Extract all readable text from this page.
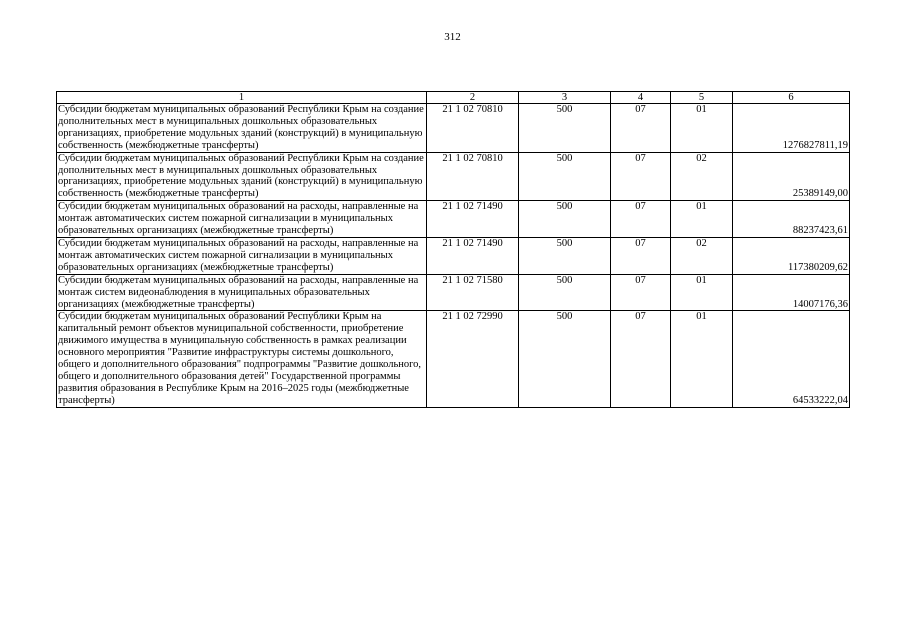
312
1	2	3	4	5	6
Субсидии бюджетам муниципальных образований Республики Крым на создание дополнительных мест в муниципальных дошкольных образовательных организациях, приобретение модульных зданий (конструкций) в муниципальную собственность (межбюджетные трансферты)	21 1 02 70810	500	07	01	1276827811,19
Субсидии бюджетам муниципальных образований Республики Крым на создание дополнительных мест в муниципальных дошкольных образовательных организациях, приобретение модульных зданий (конструкций) в муниципальную собственность (межбюджетные трансферты)	21 1 02 70810	500	07	02	25389149,00
Субсидии бюджетам муниципальных образований на расходы, направленные на монтаж автоматических систем пожарной сигнализации в муниципальных образовательных организациях (межбюджетные трансферты)	21 1 02 71490	500	07	01	88237423,61
Субсидии бюджетам муниципальных образований на расходы, направленные на монтаж автоматических систем пожарной сигнализации в муниципальных образовательных организациях (межбюджетные трансферты)	21 1 02 71490	500	07	02	117380209,62
Субсидии бюджетам муниципальных образований на расходы, направленные на монтаж систем видеонаблюдения в муниципальных образовательных организациях (межбюджетные трансферты)	21 1 02 71580	500	07	01	14007176,36
Субсидии бюджетам муниципальных образований Республики Крым на капитальный ремонт объектов муниципальной собственности, приобретение движимого имущества в муниципальную собственность в рамках реализации основного мероприятия "Развитие инфраструктуры системы дошкольного, общего и дополнительного образования" подпрограммы "Развитие дошкольного, общего и дополнительного образования детей" Государственной программы развития образования в Республике Крым на 2016–2025 годы (межбюджетные трансферты)	21 1 02 72990	500	07	01	64533222,04
